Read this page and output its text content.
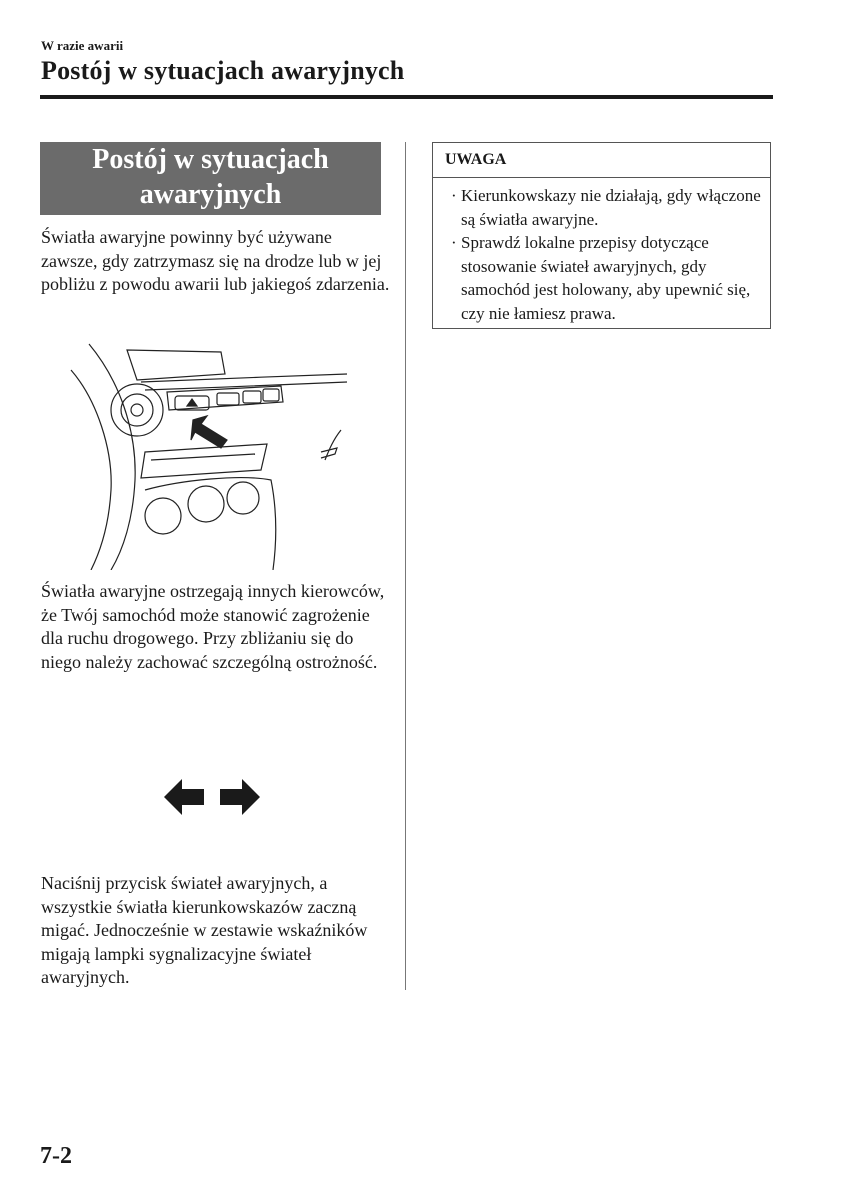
W razie awarii
Postój w sytuacjach awaryjnych
Postój w sytuacjach
awaryjnych
Światła awaryjne powinny być używane zawsze, gdy zatrzymasz się na drodze lub w jej pobliżu z powodu awarii lub jakiegoś zdarzenia.
Światła awaryjne ostrzegają innych kierowców, że Twój samochód może stanowić zagrożenie dla ruchu drogowego. Przy zbliżaniu się do niego należy zachować szczególną ostrożność.
Naciśnij przycisk świateł awaryjnych, a wszystkie światła kierunkowskazów zaczną migać. Jednocześnie w zestawie wskaźników migają lampki sygnalizacyjne świateł awaryjnych.
UWAGA
· Kierunkowskazy nie działają, gdy włączone są światła awaryjne.
· Sprawdź lokalne przepisy dotyczące stosowanie świateł awaryjnych, gdy samochód jest holowany, aby upewnić się, czy nie łamiesz prawa.
7-2
